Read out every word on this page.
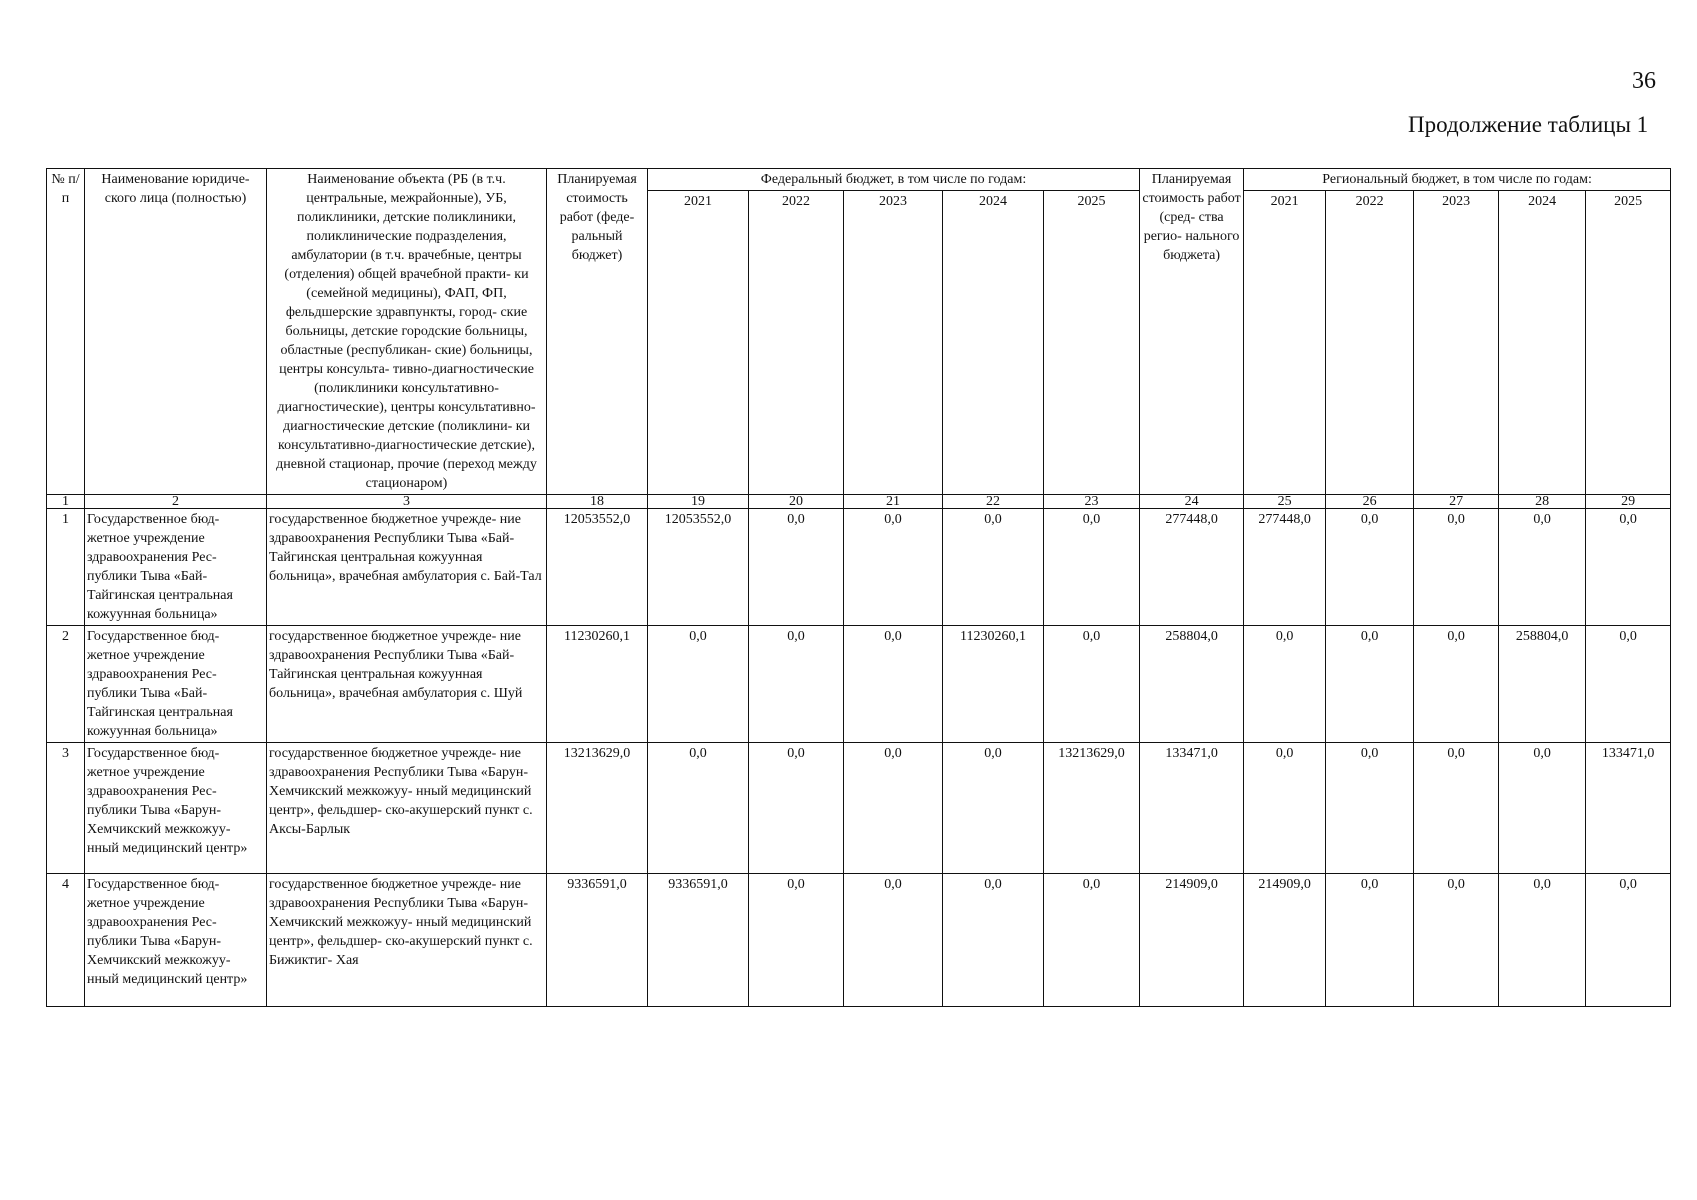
36
Продолжение таблицы 1
№ п/п	Наименование юридиче- ского лица (полностью)	Наименование объекта (РБ (в т.ч. центральные, межрайонные), УБ, поликлиники, детские поликлиники, поликлинические подразделения, амбулатории (в т.ч. врачебные, центры (отделения) общей врачебной практи- ки (семейной медицины), ФАП, ФП, фельдшерские здравпункты, город- ские больницы, детские городские больницы, областные (республикан- ские) больницы, центры консульта- тивно-диагностические (поликлиники консультативно-диагностические), центры консультативно- диагностические детские (поликлини- ки консультативно-диагностические детские), дневной стационар, прочие (переход между стационаром)	Планируемая стоимость работ (феде- ральный бюджет)	Федеральный бюджет, в том числе по годам:					Планируемая стоимость работ (сред- ства регио- нального бюджета)	Региональный бюджет, в том числе по годам:				
				2021	2022	2023	2024	2025		2021	2022	2023	2024	2025
1	2	3	18	19	20	21	22	23	24	25	26	27	28	29
1	Государственное бюд- жетное учреждение здравоохранения Рес- публики Тыва «Бай- Тайгинская центральная кожуунная больница»	государственное бюджетное учрежде- ние здравоохранения Республики Тыва «Бай-Тайгинская центральная кожуунная больница», врачебная амбулатория с. Бай-Тал	12053552,0	12053552,0	0,0	0,0	0,0	0,0	277448,0	277448,0	0,0	0,0	0,0	0,0
2	Государственное бюд- жетное учреждение здравоохранения Рес- публики Тыва «Бай- Тайгинская центральная кожуунная больница»	государственное бюджетное учрежде- ние здравоохранения Республики Тыва «Бай-Тайгинская центральная кожуунная больница», врачебная амбулатория с. Шуй	11230260,1	0,0	0,0	0,0	11230260,1	0,0	258804,0	0,0	0,0	0,0	258804,0	0,0
3	Государственное бюд- жетное учреждение здравоохранения Рес- публики Тыва «Барун- Хемчикский межкожуу- нный медицинский центр»	государственное бюджетное учрежде- ние здравоохранения Республики Тыва «Барун-Хемчикский межкожуу- нный медицинский центр», фельдшер- ско-акушерский пункт с. Аксы-Барлык	13213629,0	0,0	0,0	0,0	0,0	13213629,0	133471,0	0,0	0,0	0,0	0,0	133471,0
4	Государственное бюд- жетное учреждение здравоохранения Рес- публики Тыва «Барун- Хемчикский межкожуу- нный медицинский центр»	государственное бюджетное учрежде- ние здравоохранения Республики Тыва «Барун-Хемчикский межкожуу- нный медицинский центр», фельдшер- ско-акушерский пункт с. Бижиктиг- Хая	9336591,0	9336591,0	0,0	0,0	0,0	0,0	214909,0	214909,0	0,0	0,0	0,0	0,0
